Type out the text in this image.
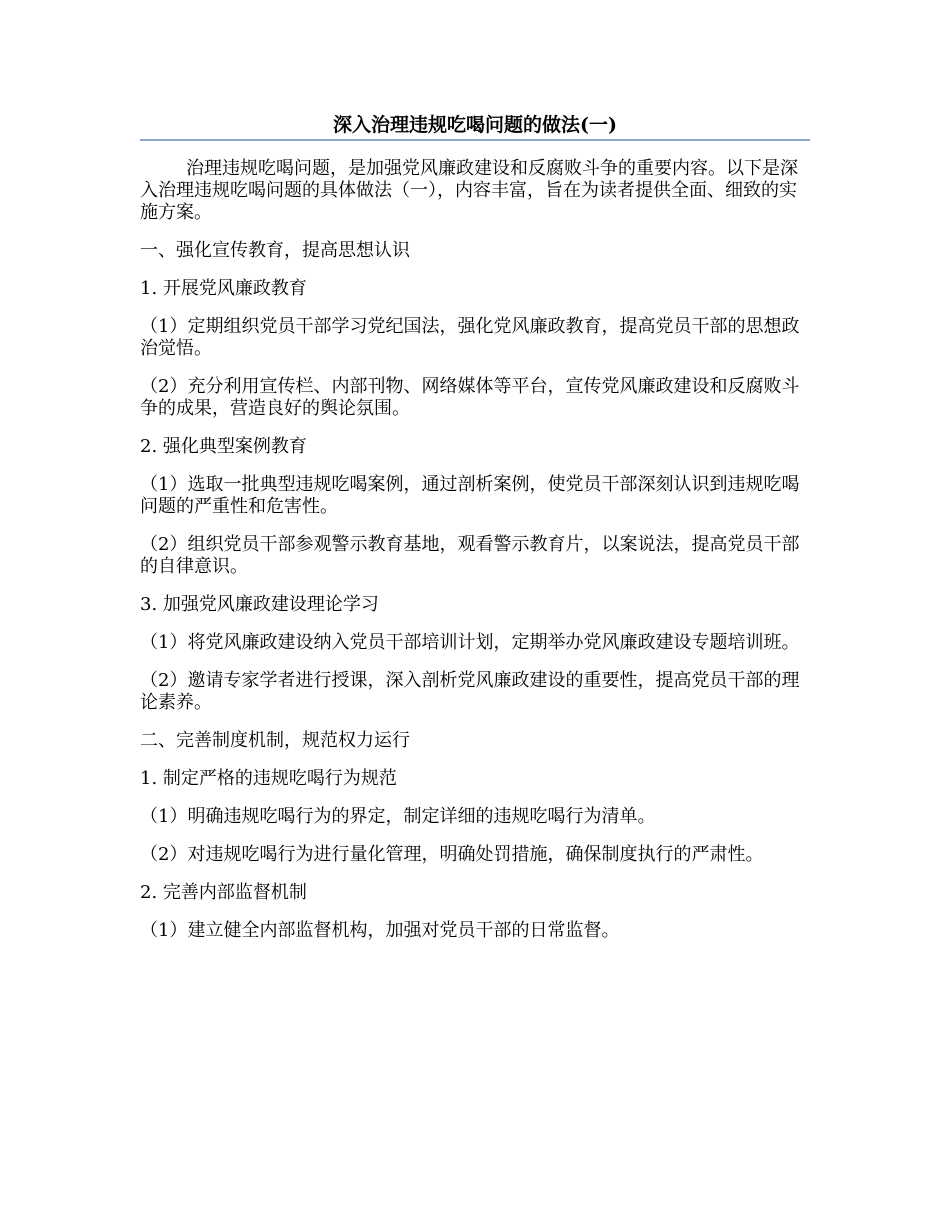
深入治理违规吃喝问题的做法(一)

治理违规吃喝问题，是加强党风廉政建设和反腐败斗争的重要内容。以下是深入治理违规吃喝问题的具体做法（一），内容丰富，旨在为读者提供全面、细致的实施方案。

一、强化宣传教育，提高思想认识

1. 开展党风廉政教育

（1）定期组织党员干部学习党纪国法，强化党风廉政教育，提高党员干部的思想政治觉悟。

（2）充分利用宣传栏、内部刊物、网络媒体等平台，宣传党风廉政建设和反腐败斗争的成果，营造良好的舆论氛围。

2. 强化典型案例教育

（1）选取一批典型违规吃喝案例，通过剖析案例，使党员干部深刻认识到违规吃喝问题的严重性和危害性。

（2）组织党员干部参观警示教育基地，观看警示教育片，以案说法，提高党员干部的自律意识。

3. 加强党风廉政建设理论学习

（1）将党风廉政建设纳入党员干部培训计划，定期举办党风廉政建设专题培训班。

（2）邀请专家学者进行授课，深入剖析党风廉政建设的重要性，提高党员干部的理论素养。

二、完善制度机制，规范权力运行

1. 制定严格的违规吃喝行为规范

（1）明确违规吃喝行为的界定，制定详细的违规吃喝行为清单。

（2）对违规吃喝行为进行量化管理，明确处罚措施，确保制度执行的严肃性。

2. 完善内部监督机制

（1）建立健全内部监督机构，加强对党员干部的日常监督。
